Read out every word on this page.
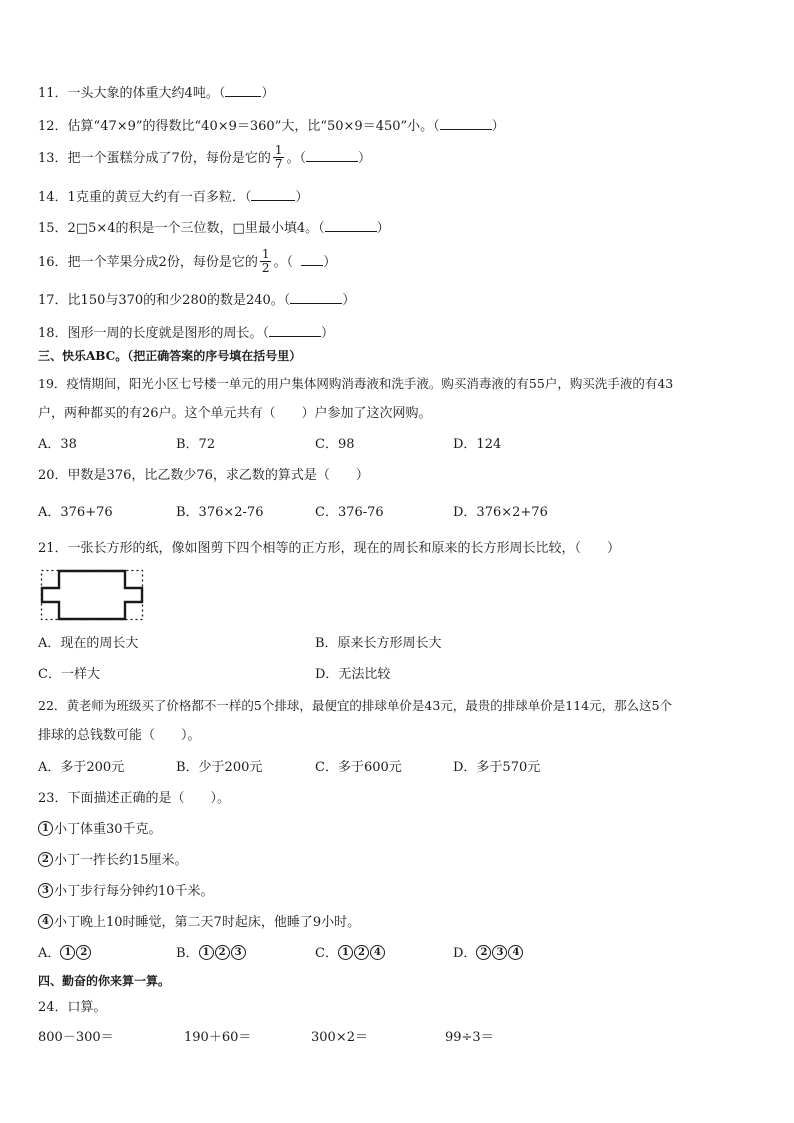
11．一头大象的体重大约4吨。（	）
12．估算“47×9”的得数比“40×9＝360”大，比“50×9＝450”小。（	）
13．把一个蛋糕分成了7份，每份是它的 $\frac{1}{7}$ 。（	）
14．1克重的黄豆大约有一百多粒．（	）
15．2□5×4的积是一个三位数，□里最小填4。（	）
16．把一个苹果分成2份，每份是它的 $\frac{1}{2}$ 。（ ）
17．比150与370的和少280的数是240。（	）
18．图形一周的长度就是图形的周长。（	）
三、快乐ABC。（把正确答案的序号填在括号里）
19．疫情期间，阳光小区七号楼一单元的用户集体网购消毒液和洗手液。购买消毒液的有55户，购买洗手液的有43
户，两种都买的有26户。这个单元共有（　　）户参加了这次网购。
A．38	B．72	C．98	D．124
20．甲数是376，比乙数少76，求乙数的算式是（　　）
A．376+76	B．376×2-76	C．376-76	D．376×2+76
21．一张长方形的纸，像如图剪下四个相等的正方形，现在的周长和原来的长方形周长比较，（　　）
A．现在的周长大	B．原来长方形周长大
C．一样大	D．无法比较
22．黄老师为班级买了价格都不一样的5个排球，最便宜的排球单价是43元，最贵的排球单价是114元，那么这5个
排球的总钱数可能（　　）。
A．多于200元	B．少于200元	C．多于600元	D．多于570元
23．下面描述正确的是（　　）。
1 小丁体重30千克。
2 小丁一拃长约15厘米。
3 小丁步行每分钟约10千米。
4 小丁晚上10时睡觉，第二天7时起床，他睡了9小时。
A． 1 2	B． 1 2 3	C． 1 2 4	D． 2 3 4
四、勤奋的你来算一算。
24．口算。
800－300＝	190＋60＝	300×2＝	99÷3＝
